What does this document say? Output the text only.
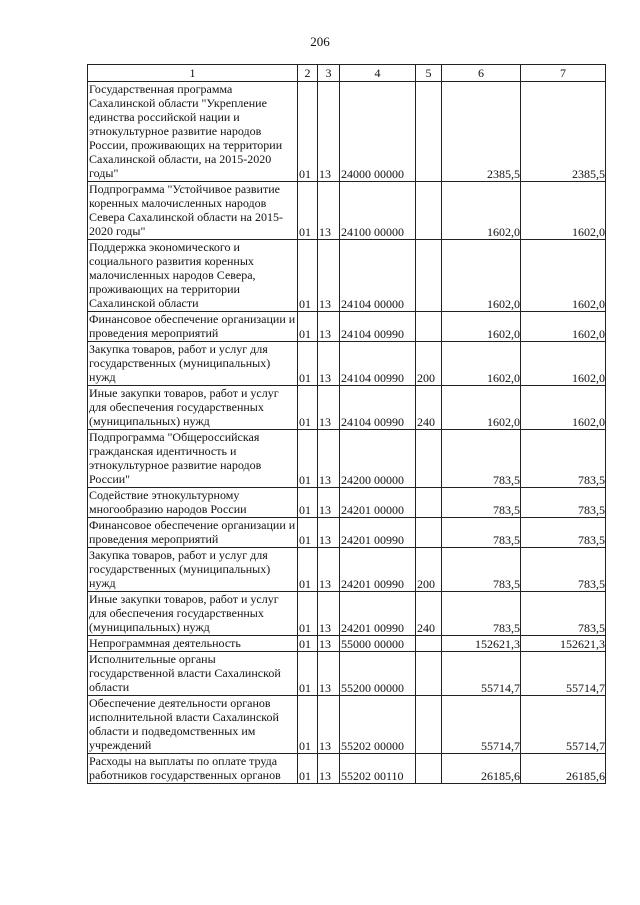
206
1	2	3	4	5	6	7
Государственная программа Сахалинской области "Укрепление единства российской нации и этнокультурное развитие народов России, проживающих на территории Сахалинской области, на 2015-2020 годы"	01	13	24000 00000		2385,5	2385,5
Подпрограмма "Устойчивое развитие коренных малочисленных народов Севера Сахалинской области на 2015-2020 годы"	01	13	24100 00000		1602,0	1602,0
Поддержка экономического и социального развития коренных малочисленных народов Севера, проживающих на территории Сахалинской области	01	13	24104 00000		1602,0	1602,0
Финансовое обеспечение организации и проведения мероприятий	01	13	24104 00990		1602,0	1602,0
Закупка товаров, работ и услуг для государственных (муниципальных) нужд	01	13	24104 00990	200	1602,0	1602,0
Иные закупки товаров, работ и услуг для обеспечения государственных (муниципальных) нужд	01	13	24104 00990	240	1602,0	1602,0
Подпрограмма "Общероссийская гражданская идентичность и этнокультурное развитие народов России"	01	13	24200 00000		783,5	783,5
Содействие этнокультурному многообразию народов России	01	13	24201 00000		783,5	783,5
Финансовое обеспечение организации и проведения мероприятий	01	13	24201 00990		783,5	783,5
Закупка товаров, работ и услуг для государственных (муниципальных) нужд	01	13	24201 00990	200	783,5	783,5
Иные закупки товаров, работ и услуг для обеспечения государственных (муниципальных) нужд	01	13	24201 00990	240	783,5	783,5
Непрограммная деятельность	01	13	55000 00000		152621,3	152621,3
Исполнительные органы государственной власти Сахалинской области	01	13	55200 00000		55714,7	55714,7
Обеспечение деятельности органов исполнительной власти Сахалинской области и подведомственных им учреждений	01	13	55202 00000		55714,7	55714,7
Расходы на выплаты по оплате труда работников государственных органов	01	13	55202 00110		26185,6	26185,6
